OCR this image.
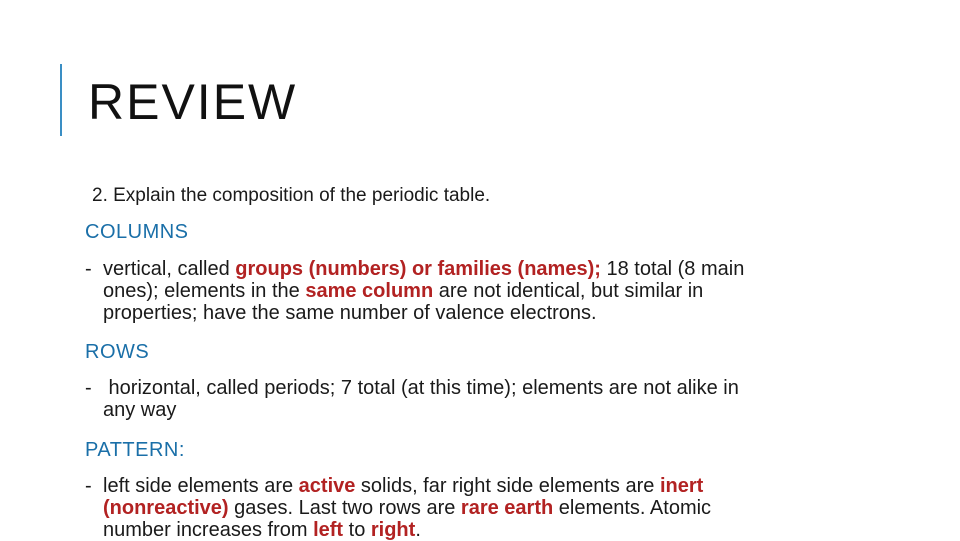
REVIEW

2. Explain the composition of the periodic table.

COLUMNS

- vertical, called groups (numbers) or families (names); 18 total (8 main
ones); elements in the same column are not identical, but similar in
properties; have the same number of valence electrons.

ROWS

- horizontal, called periods; 7 total (at this time); elements are not alike in
any way

PATTERN:

- left side elements are active solids, far right side elements are inert
(nonreactive) gases. Last two rows are rare earth elements. Atomic
number increases from left to right.
